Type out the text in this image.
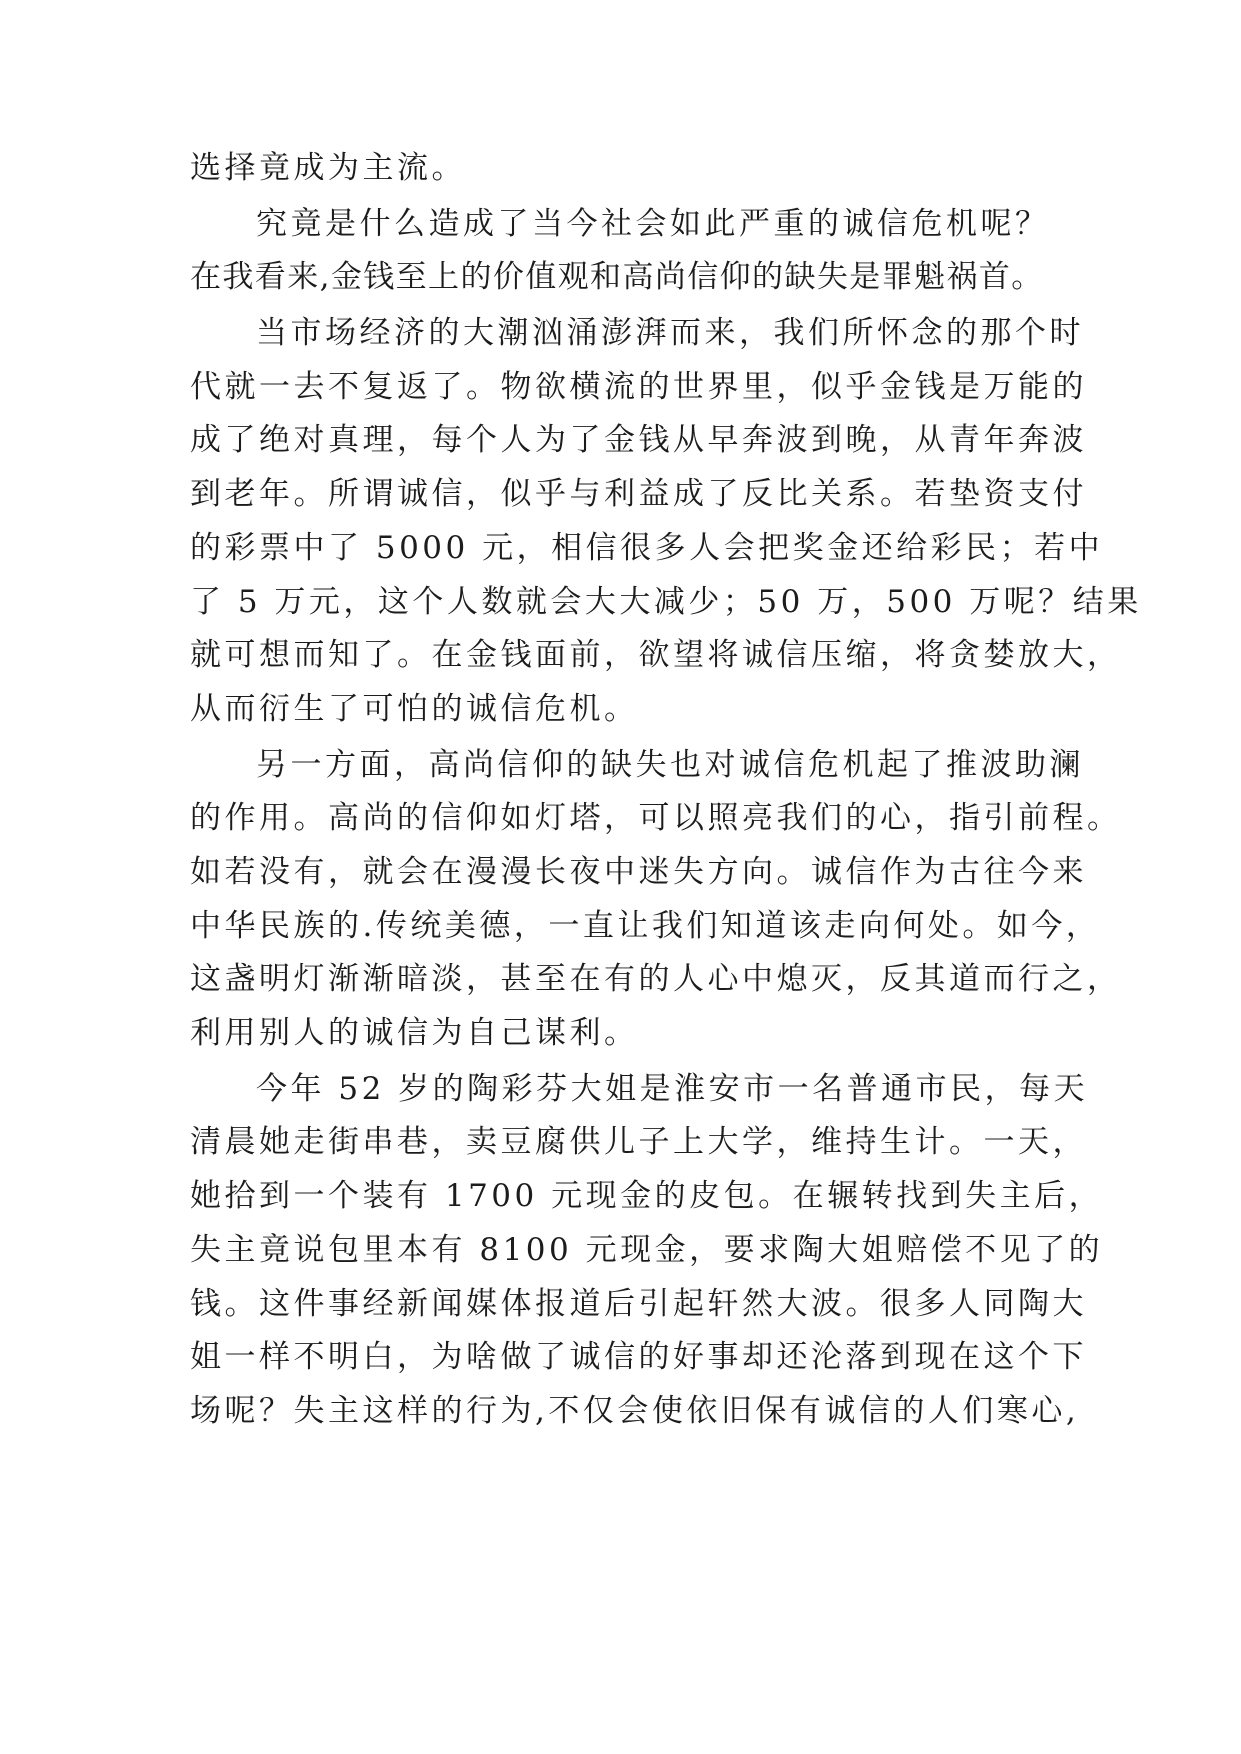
选择竟成为主流。
究竟是什么造成了当今社会如此严重的诚信危机呢？
在我看来,金钱至上的价值观和高尚信仰的缺失是罪魁祸首。
当市场经济的大潮汹涌澎湃而来，我们所怀念的那个时
代就一去不复返了。物欲横流的世界里，似乎金钱是万能的
成了绝对真理，每个人为了金钱从早奔波到晚，从青年奔波
到老年。所谓诚信，似乎与利益成了反比关系。若垫资支付
的彩票中了 5000 元，相信很多人会把奖金还给彩民；若中
了 5 万元，这个人数就会大大减少；50 万，500 万呢？结果
就可想而知了。在金钱面前，欲望将诚信压缩，将贪婪放大，
从而衍生了可怕的诚信危机。
另一方面，高尚信仰的缺失也对诚信危机起了推波助澜
的作用。高尚的信仰如灯塔，可以照亮我们的心，指引前程。
如若没有，就会在漫漫长夜中迷失方向。诚信作为古往今来
中华民族的.传统美德，一直让我们知道该走向何处。如今，
这盏明灯渐渐暗淡，甚至在有的人心中熄灭，反其道而行之，
利用别人的诚信为自己谋利。
今年 52 岁的陶彩芬大姐是淮安市一名普通市民，每天
清晨她走街串巷，卖豆腐供儿子上大学，维持生计。一天，
她拾到一个装有 1700 元现金的皮包。在辗转找到失主后，
失主竟说包里本有 8100 元现金，要求陶大姐赔偿不见了的
钱。这件事经新闻媒体报道后引起轩然大波。很多人同陶大
姐一样不明白，为啥做了诚信的好事却还沦落到现在这个下
场呢？失主这样的行为,不仅会使依旧保有诚信的人们寒心,
